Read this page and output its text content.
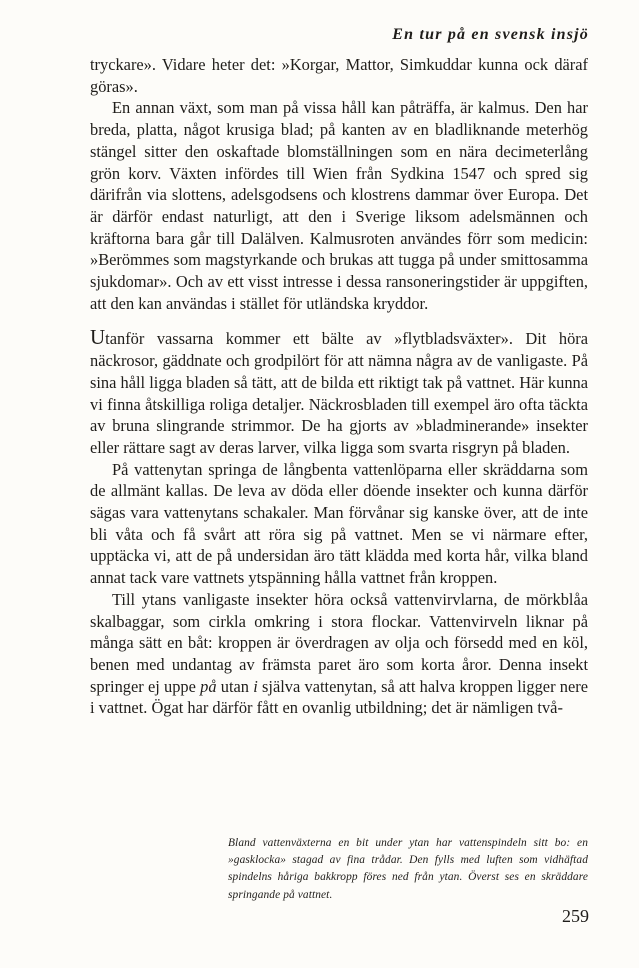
En tur på en svensk insjö

tryckare». Vidare heter det: »Korgar, Mattor, Simkuddar kunna ock däraf göras».

En annan växt, som man på vissa håll kan påträffa, är kalmus. Den har breda, platta, något krusiga blad; på kanten av en bladliknande meterhög stängel sitter den oskaftade blomställningen som en nära decimeterlång grön korv. Växten infördes till Wien från Sydkina 1547 och spred sig därifrån via slottens, adelsgodsens och klostrens dammar över Europa. Det är därför endast naturligt, att den i Sverige liksom adelsmännen och kräftorna bara går till Dalälven. Kalmusroten användes förr som medicin: »Berömmes som magstyrkande och brukas att tugga på under smittosamma sjukdomar». Och av ett visst intresse i dessa ransoneringstider är uppgiften, att den kan användas i stället för utländska kryddor.

Utanför vassarna kommer ett bälte av »flytbladsväxter». Dit höra näckrosor, gäddnate och grodpilört för att nämna några av de vanligaste. På sina håll ligga bladen så tätt, att de bilda ett riktigt tak på vattnet. Här kunna vi finna åtskilliga roliga detaljer. Näckrosbladen till exempel äro ofta täckta av bruna slingrande strimmor. De ha gjorts av »bladminerande» insekter eller rättare sagt av deras larver, vilka ligga som svarta risgryn på bladen.

På vattenytan springa de långbenta vattenlöparna eller skräddarna som de allmänt kallas. De leva av döda eller döende insekter och kunna därför sägas vara vattenytans schakaler. Man förvånar sig kanske över, att de inte bli våta och få svårt att röra sig på vattnet. Men se vi närmare efter, upptäcka vi, att de på undersidan äro tätt klädda med korta hår, vilka bland annat tack vare vattnets ytspänning hålla vattnet från kroppen.

Till ytans vanligaste insekter höra också vattenvirvlarna, de mörkblåa skalbaggar, som cirkla omkring i stora flockar. Vattenvirveln liknar på många sätt en båt: kroppen är överdragen av olja och försedd med en köl, benen med undantag av främsta paret äro som korta åror. Denna insekt springer ej uppe på utan i själva vattenytan, så att halva kroppen ligger nere i vattnet. Ögat har därför fått en ovanlig utbildning; det är nämligen två-

Bland vattenväxterna en bit under ytan har vattenspindeln sitt bo: en »gasklocka» stagad av fina trådar. Den fylls med luften som vidhäftad spindelns håriga bakkropp föres ned från ytan. Överst ses en skräddare springande på vattnet.
259
